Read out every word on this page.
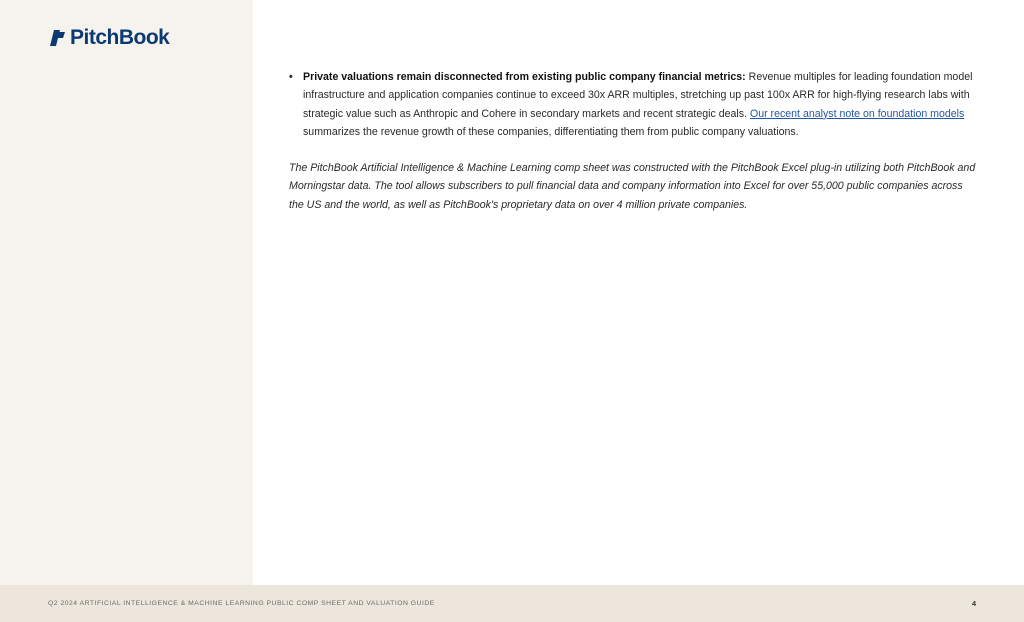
PitchBook
• Private valuations remain disconnected from existing public company financial metrics: Revenue multiples for leading foundation model infrastructure and application companies continue to exceed 30x ARR multiples, stretching up past 100x ARR for high-flying research labs with strategic value such as Anthropic and Cohere in secondary markets and recent strategic deals. Our recent analyst note on foundation models summarizes the revenue growth of these companies, differentiating them from public company valuations.

The PitchBook Artificial Intelligence & Machine Learning comp sheet was constructed with the PitchBook Excel plug-in utilizing both PitchBook and Morningstar data. The tool allows subscribers to pull financial data and company information into Excel for over 55,000 public companies across the US and the world, as well as PitchBook's proprietary data on over 4 million private companies.

Q2 2024 ARTIFICIAL INTELLIGENCE & MACHINE LEARNING PUBLIC COMP SHEET AND VALUATION GUIDE	4
